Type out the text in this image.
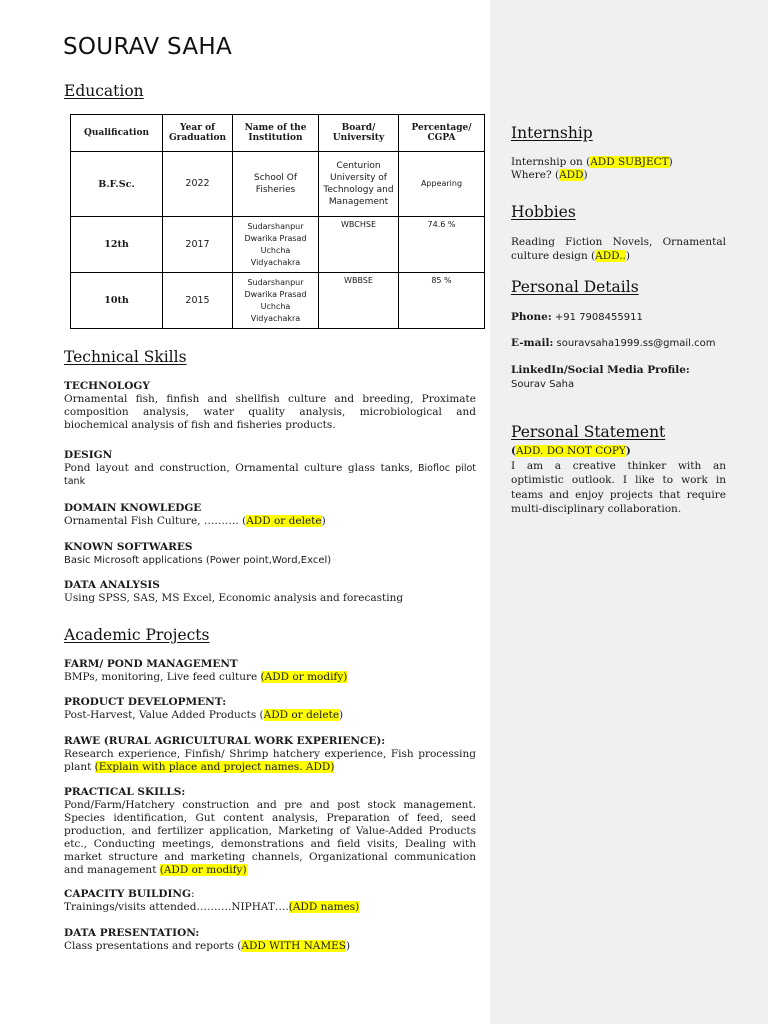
SOURAV SAHA
Education
Qualification	Year of Graduation	Name of the Institution	Board/ University	Percentage/ CGPA
B.F.Sc.	2022	School Of Fisheries	Centurion University of Technology and Management	Appearing
12th	2017	Sudarshanpur Dwarika Prasad Uchcha Vidyachakra	WBCHSE	74.6 %
10th	2015	Sudarshanpur Dwarika Prasad Uchcha Vidyachakra	WBBSE	85 %
Technical Skills
TECHNOLOGY
Ornamental fish, finfish and shellfish culture and breeding, Proximate composition analysis, water quality analysis, microbiological and biochemical analysis of fish and fisheries products.
DESIGN
Pond layout and construction, Ornamental culture glass tanks, Biofloc pilot tank
DOMAIN KNOWLEDGE
Ornamental Fish Culture, ………. (ADD or delete)
KNOWN SOFTWARES
Basic Microsoft applications (Power point,Word,Excel)
DATA ANALYSIS
Using SPSS, SAS, MS Excel, Economic analysis and forecasting
Academic Projects
FARM/ POND MANAGEMENT
BMPs, monitoring, Live feed culture (ADD or modify)
PRODUCT DEVELOPMENT:
Post-Harvest, Value Added Products (ADD or delete)
RAWE (RURAL AGRICULTURAL WORK EXPERIENCE):
Research experience, Finfish/ Shrimp hatchery experience, Fish processing plant (Explain with place and project names. ADD)
PRACTICAL SKILLS:
Pond/Farm/Hatchery construction and pre and post stock management. Species identification, Gut content analysis, Preparation of feed, seed production, and fertilizer application, Marketing of Value-Added Products etc., Conducting meetings, demonstrations and field visits, Dealing with market structure and marketing channels, Organizational communication and management (ADD or modify)
CAPACITY BUILDING:
Trainings/visits attended……….NIPHAT….(ADD names)
DATA PRESENTATION:
Class presentations and reports (ADD WITH NAMES)
Internship
Internship on (ADD SUBJECT)
Where? (ADD)
Hobbies
Reading Fiction Novels, Ornamental culture design (ADD..)
Personal Details
Phone: +91 7908455911
E-mail: souravsaha1999.ss@gmail.com
LinkedIn/Social Media Profile:
Sourav Saha
Personal Statement
(ADD. DO NOT COPY)
I am a creative thinker with an optimistic outlook. I like to work in teams and enjoy projects that require multi-disciplinary collaboration.
